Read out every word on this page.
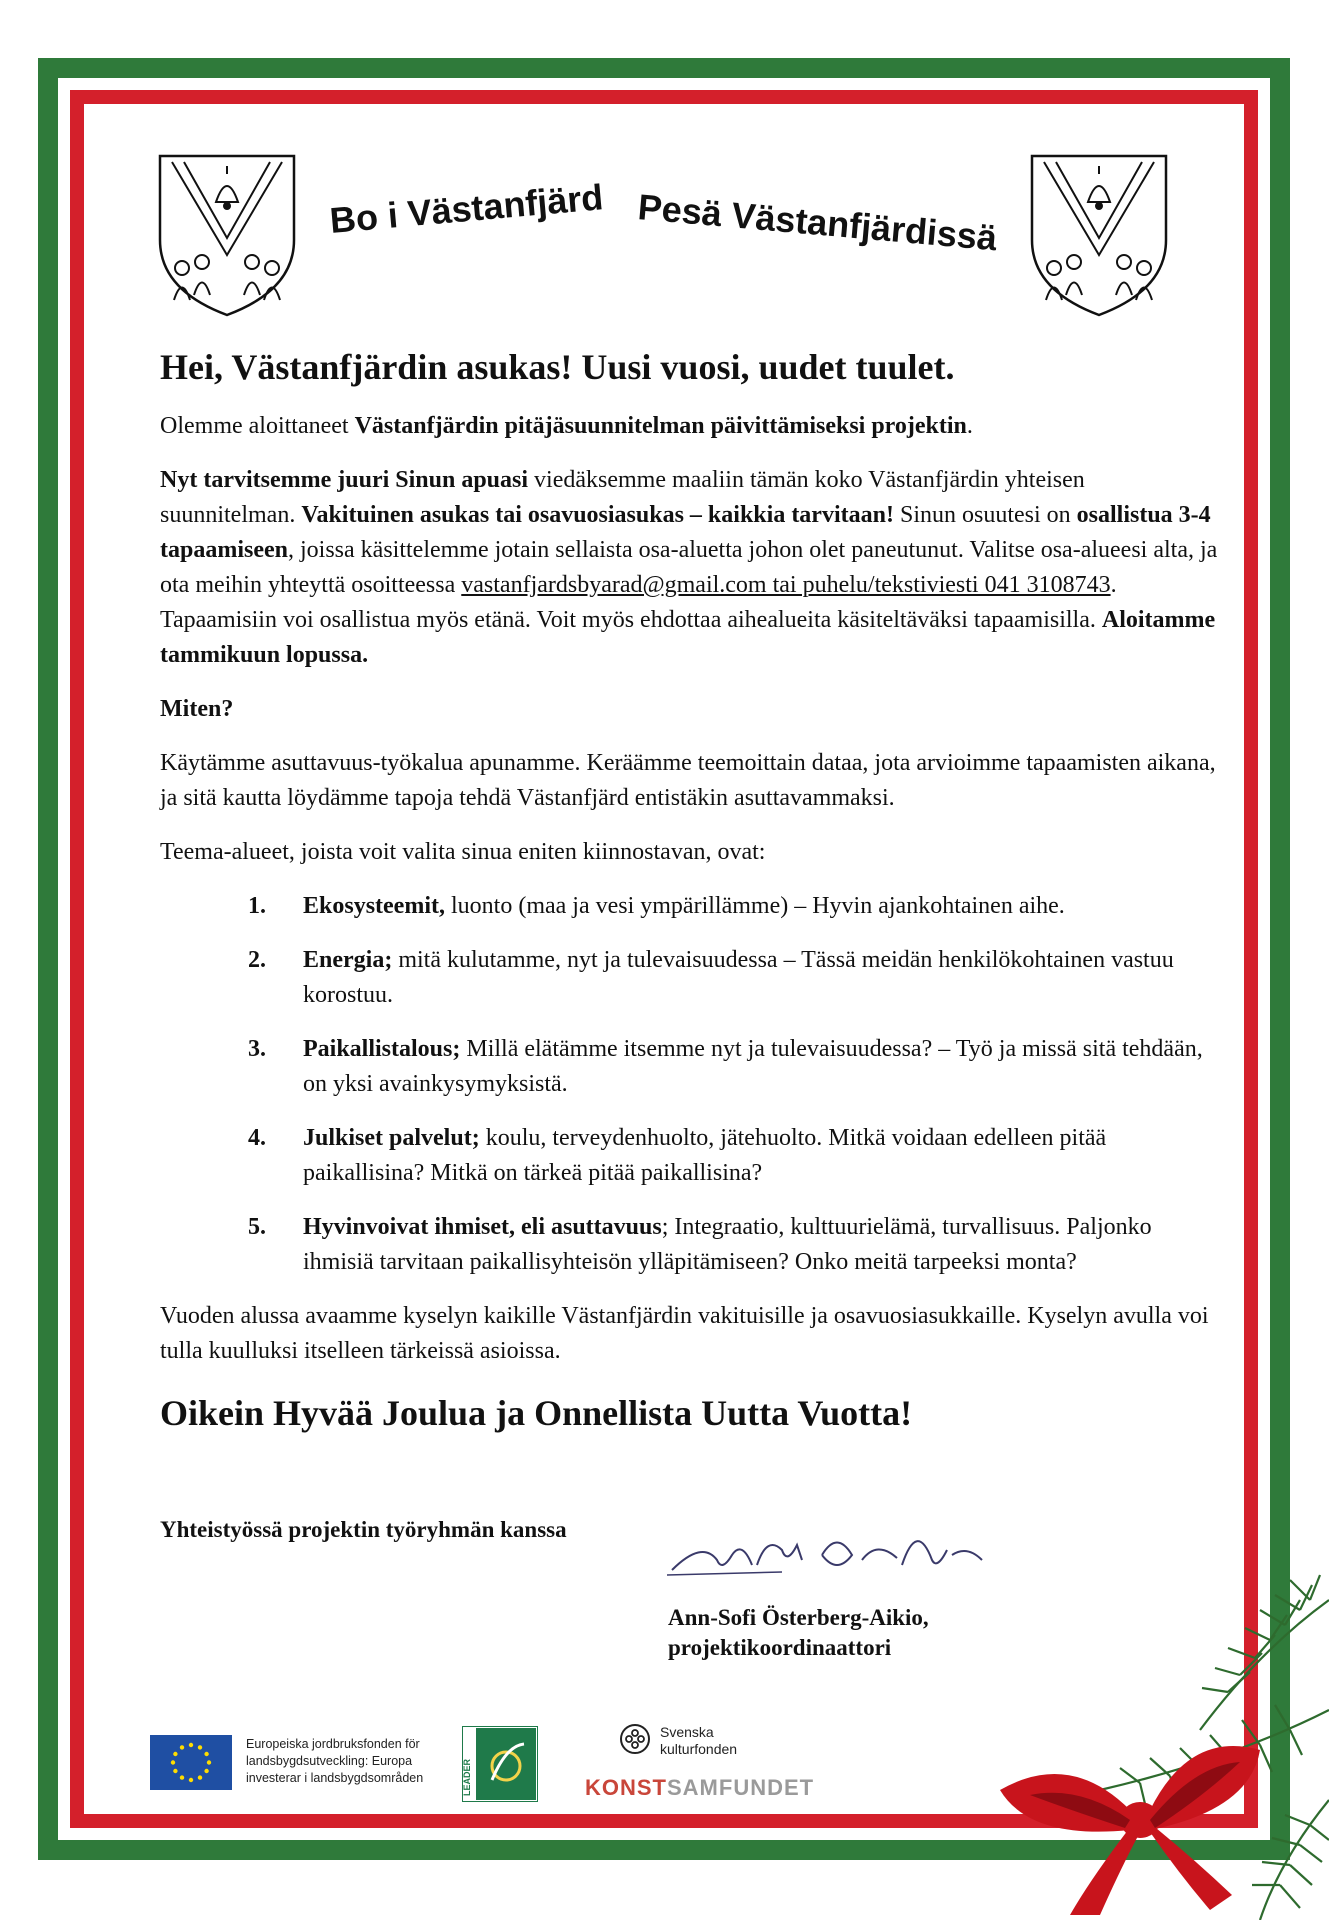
Bo i Västanfjärd Pesä Västanfjärdissä
Hei, Västanfjärdin asukas! Uusi vuosi, uudet tuulet.

Olemme aloittaneet Västanfjärdin pitäjäsuunnitelman päivittämiseksi projektin.

Nyt tarvitsemme juuri Sinun apuasi viedäksemme maaliin tämän koko Västanfjärdin yhteisen suunnitelman. Vakituinen asukas tai osavuosiasukas – kaikkia tarvitaan! Sinun osuutesi on osallistua 3-4 tapaamiseen, joissa käsittelemme jotain sellaista osa-aluetta johon olet paneutunut. Valitse osa-alueesi alta, ja ota meihin yhteyttä osoitteessa vastanfjardsbyarad@gmail.com tai puhelu/tekstiviesti 041 3108743. Tapaamisiin voi osallistua myös etänä. Voit myös ehdottaa aihealueita käsiteltäväksi tapaamisilla. Aloitamme tammikuun lopussa.

Miten?

Käytämme asuttavuus-työkalua apunamme. Keräämme teemoittain dataa, jota arvioimme tapaamisten aikana, ja sitä kautta löydämme tapoja tehdä Västanfjärd entistäkin asuttavammaksi.

Teema-alueet, joista voit valita sinua eniten kiinnostavan, ovat:

1. Ekosysteemit, luonto (maa ja vesi ympärillämme) – Hyvin ajankohtainen aihe.
2. Energia; mitä kulutamme, nyt ja tulevaisuudessa – Tässä meidän henkilökohtainen vastuu korostuu.
3. Paikallistalous; Millä elätämme itsemme nyt ja tulevaisuudessa? – Työ ja missä sitä tehdään, on yksi avainkysymyksistä.
4. Julkiset palvelut; koulu, terveydenhuolto, jätehuolto. Mitkä voidaan edelleen pitää paikallisina? Mitkä on tärkeä pitää paikallisina?
5. Hyvinvoivat ihmiset, eli asuttavuus; Integraatio, kulttuurielämä, turvallisuus. Paljonko ihmisiä tarvitaan paikallisyhteisön ylläpitämiseen? Onko meitä tarpeeksi monta?

Vuoden alussa avaamme kyselyn kaikille Västanfjärdin vakituisille ja osavuosiasukkaille. Kyselyn avulla voi tulla kuulluksi itselleen tärkeissä asioissa.

Oikein Hyvää Joulua ja Onnellista Uutta Vuotta!
Yhteistyössä projektin työryhmän kanssa
Ann-Sofi Österberg-Aikio,
projektikoordinaattori
Europeiska jordbruksfonden för landsbygdsutveckling: Europa investerar i landsbygdsområden	LEADER
Svenska
kulturfonden
KONSTSAMFUNDET
